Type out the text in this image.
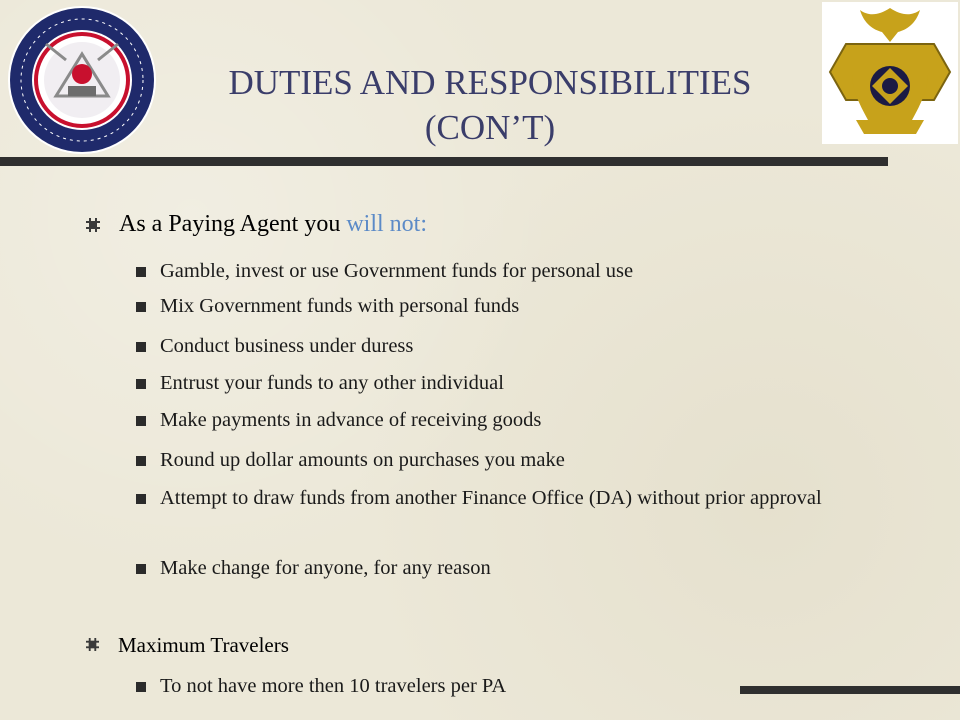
DUTIES AND RESPONSIBILITIES
(CON’T)
As a Paying Agent you will not:
Gamble, invest or use Government funds for personal use
Mix Government funds with personal funds
Conduct business under duress
Entrust your funds to any other individual
Make payments in advance of receiving goods
Round up dollar amounts on purchases you make
Attempt to draw funds from another Finance Office (DA) without prior approval
Make change for anyone, for any reason
Maximum Travelers
To not have more then 10 travelers per PA
